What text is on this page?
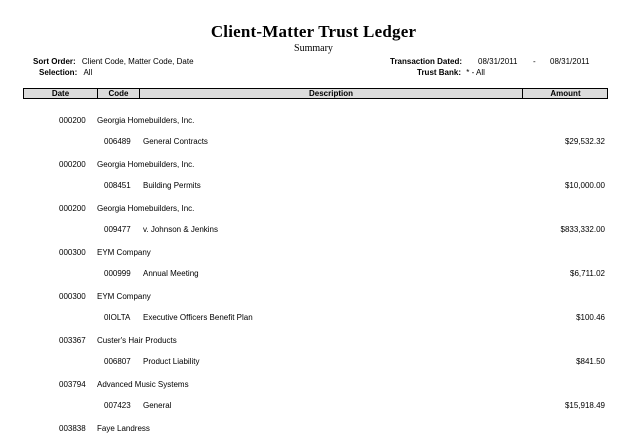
Client-Matter Trust Ledger
Summary
Sort Order: Client Code, Matter Code, Date
Selection: All
Transaction Dated: 08/31/2011 - 08/31/2011
Trust Bank: * - All
Date	Code	Description	Amount
000200 Georgia Homebuilders, Inc.
006489 General Contracts	$29,532.32
000200 Georgia Homebuilders, Inc.
008451 Building Permits	$10,000.00
000200 Georgia Homebuilders, Inc.
009477 v. Johnson & Jenkins	$833,332.00
000300 EYM Company
000999 Annual Meeting	$6,711.02
000300 EYM Company
0IOLTA Executive Officers Benefit Plan	$100.46
003367 Custer's Hair Products
006807 Product Liability	$841.50
003794 Advanced Music Systems
007423 General	$15,918.49
003838 Faye Landress
